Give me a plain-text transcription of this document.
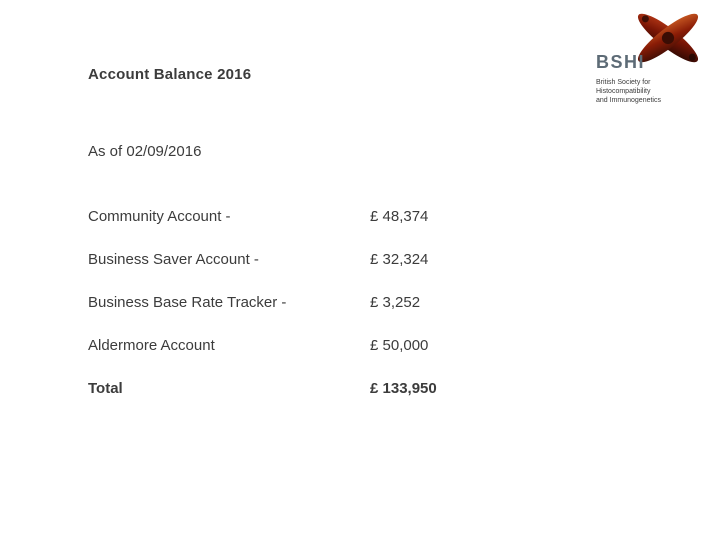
BSHI
British Society for
Histocompatibility
and Immunogenetics
Account Balance 2016
As of 02/09/2016
Community Account -	£ 48,374
Business Saver Account -	£ 32,324
Business Base Rate Tracker -	£ 3,252
Aldermore Account	£ 50,000
Total	£ 133,950
